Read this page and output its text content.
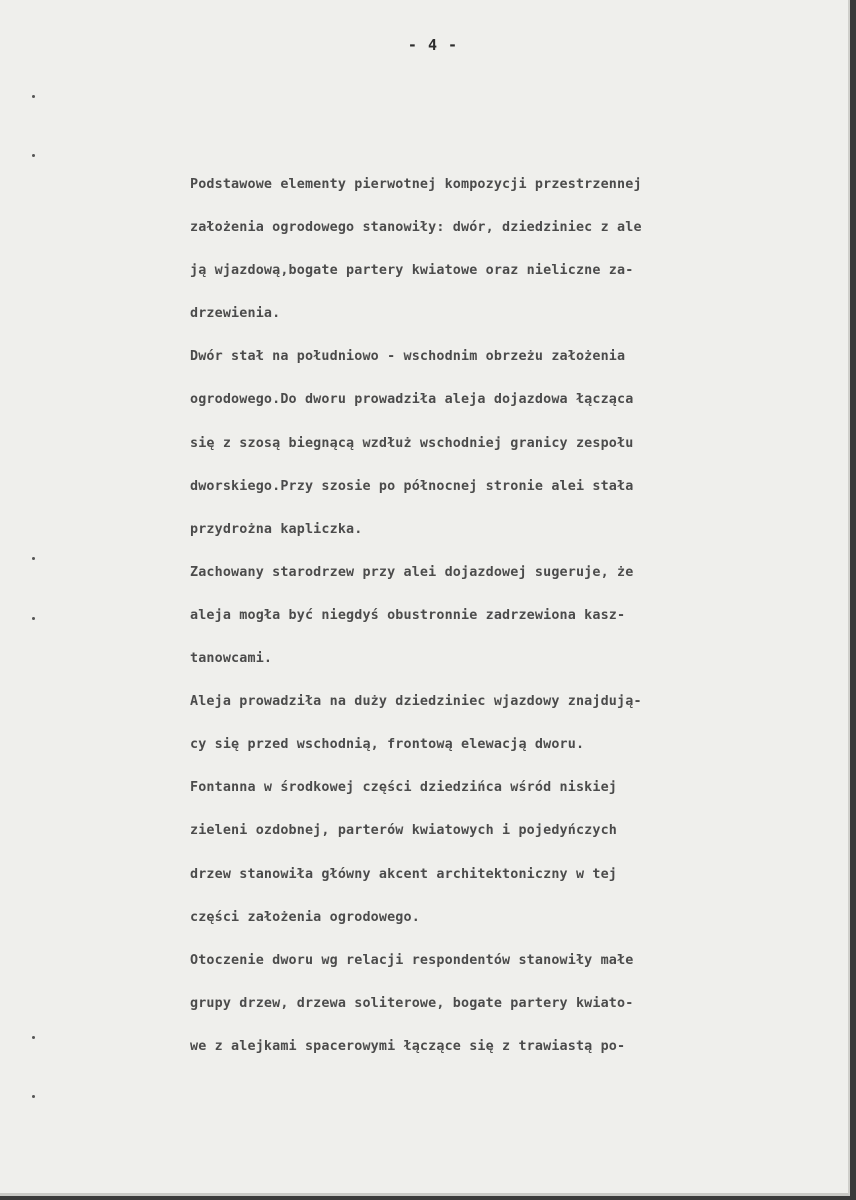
- 4 -
Podstawowe elementy pierwotnej kompozycji przestrzennej
założenia ogrodowego stanowiły: dwór, dziedziniec z ale
ją wjazdową,bogate partery kwiatowe oraz nieliczne za-
drzewienia.
Dwór stał na południowo - wschodnim obrzeżu założenia
ogrodowego.Do dworu prowadziła aleja dojazdowa łącząca
się z szosą biegnącą wzdłuż wschodniej granicy zespołu
dworskiego.Przy szosie po północnej stronie alei stała
przydrożna kapliczka.
Zachowany starodrzew przy alei dojazdowej sugeruje, że
aleja mogła być niegdyś obustronnie zadrzewiona kasz-
tanowcami.
Aleja prowadziła na duży dziedziniec wjazdowy znajdują-
cy się przed wschodnią, frontową elewacją dworu.
Fontanna w środkowej części dziedzińca wśród niskiej
zieleni ozdobnej, parterów kwiatowych i pojedyńczych
drzew stanowiła główny akcent architektoniczny w tej
części założenia ogrodowego.
Otoczenie dworu wg relacji respondentów stanowiły małe
grupy drzew, drzewa soliterowe, bogate partery kwiato-
we z alejkami spacerowymi łączące się z trawiastą po-
